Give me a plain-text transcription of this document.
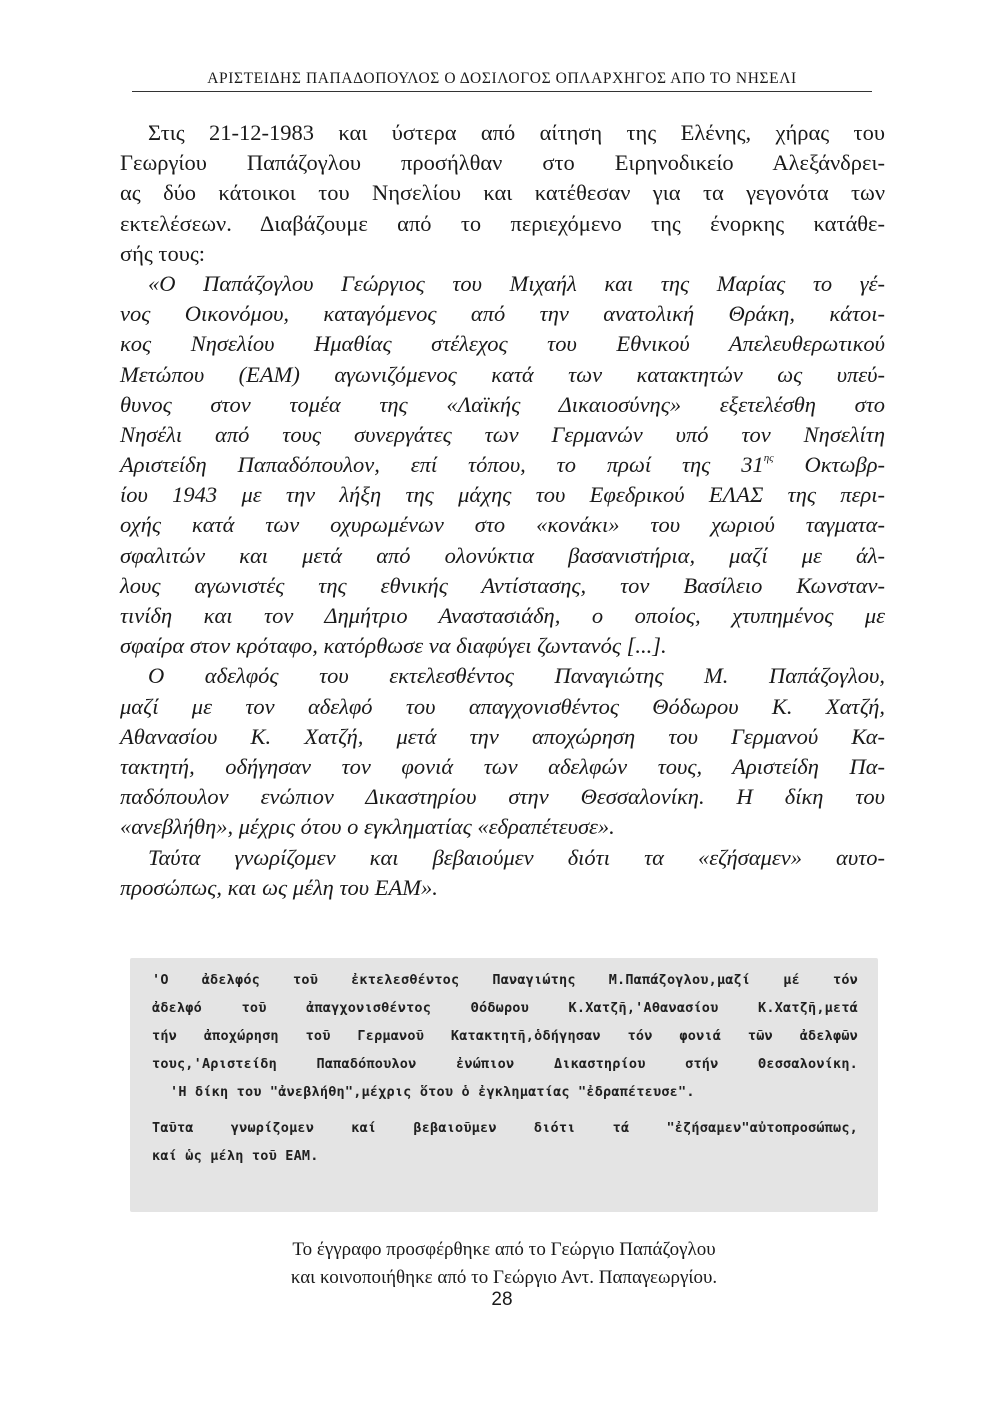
ΑΡΙΣΤΕΙΔΗΣ ΠΑΠΑΔΟΠΟΥΛΟΣ Ο ΔΟΣΙΛΟΓΟΣ ΟΠΛΑΡΧΗΓΟΣ ΑΠΟ ΤΟ ΝΗΣΕΛΙ
Στις 21-12-1983 και ύστερα από αίτηση της Ελένης, χήρας του
Γεωργίου Παπάζογλου προσήλθαν στο Ειρηνοδικείο Αλεξάνδρει-
ας δύο κάτοικοι του Νησελίου και κατέθεσαν για τα γεγονότα των
εκτελέσεων. Διαβάζουμε από το περιεχόμενο της ένορκης κατάθε-
σής τους:
«Ο Παπάζογλου Γεώργιος του Μιχαήλ και της Μαρίας το γέ-
νος Οικονόμου, καταγόμενος από την ανατολική Θράκη, κάτοι-
κος Νησελίου Ημαθίας στέλεχος του Εθνικού Απελευθερωτικού
Μετώπου (ΕΑΜ) αγωνιζόμενος κατά των κατακτητών ως υπεύ-
θυνος στον τομέα της «Λαϊκής Δικαιοσύνης» εξετελέσθη στο
Νησέλι από τους συνεργάτες των Γερμανών υπό τον Νησελίτη
Αριστείδη Παπαδόπουλον, επί τόπου, το πρωί της $31^{\eta\varsigma}$ Οκτωβρ-
ίου 1943 με την λήξη της μάχης του Εφεδρικού ΕΛΑΣ της περι-
οχής κατά των οχυρωμένων στο «κονάκι» του χωριού ταγματα-
σφαλιτών και μετά από ολονύκτια βασανιστήρια, μαζί με άλ-
λους αγωνιστές της εθνικής Αντίστασης, τον Βασίλειο Κωνσταν-
τινίδη και τον Δημήτριο Αναστασιάδη, ο οποίος, χτυπημένος με
σφαίρα στον κρόταφο, κατόρθωσε να διαφύγει ζωντανός [...].
Ο αδελφός του εκτελεσθέντος Παναγιώτης Μ. Παπάζογλου,
μαζί με τον αδελφό του απαγχονισθέντος Θόδωρου Κ. Χατζή,
Αθανασίου Κ. Χατζή, μετά την αποχώρηση του Γερμανού Κα-
τακτητή, οδήγησαν τον φονιά των αδελφών τους, Αριστείδη Πα-
παδόπουλον ενώπιον Δικαστηρίου στην Θεσσαλονίκη. Η δίκη του
«ανεβλήθη», μέχρις ότου ο εγκληματίας «εδραπέτευσε».
Ταύτα γνωρίζομεν και βεβαιούμεν διότι τα «εζήσαμεν» αυτο-
προσώπως, και ως μέλη του ΕΑΜ».
'Ο ἀδελφός τοῦ ἐκτελεσθέντος Παναγιώτης Μ.Παπάζογλου,μαζί μέ τόν
ἀδελφό τοῦ ἀπαγχονισθέντος Θόδωρου Κ.Χατζῆ,'Αθανασίου Κ.Χατζῆ,μετά
τήν ἀποχώρηση τοῦ Γερμανοῦ Κατακτητῆ,ὁδήγησαν τόν φονιά τῶν ἀδελφῶν
τους,'Αριστείδη Παπαδόπουλον ἐνώπιον Δικαστηρίου στήν Θεσσαλονίκη.
'Η δίκη του "ἀνεβλήθη",μέχρις ὅτου ὁ ἐγκληματίας "ἐδραπέτευσε".
Ταῦτα γνωρίζομεν καί βεβαιοῦμεν διότι τά "ἐζήσαμεν"αὐτοπροσώπως,
καί ὡς μέλη τοῦ ΕΑΜ.
Το έγγραφο προσφέρθηκε από το Γεώργιο Παπάζογλου
και κοινοποιήθηκε από το Γεώργιο Αντ. Παπαγεωργίου.
28
